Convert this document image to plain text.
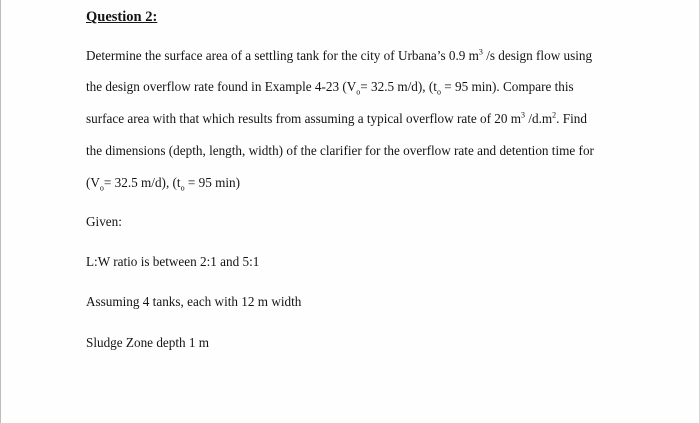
Question 2:
Determine the surface area of a settling tank for the city of Urbana’s 0.9 $m^3$ /s design flow using
the design overflow rate found in Example 4-23 ($V_o= 32.5$ m/d), ($t_o = 95$ min). Compare this
surface area with that which results from assuming a typical overflow rate of 20 $m^3$ $/d.m^2$. Find
the dimensions (depth, length, width) of the clarifier for the overflow rate and detention time for
($V_o= 32.5$ m/d), ($t_o = 95$ min)
Given:
L:W ratio is between 2:1 and 5:1
Assuming 4 tanks, each with 12 m width
Sludge Zone depth 1 m
